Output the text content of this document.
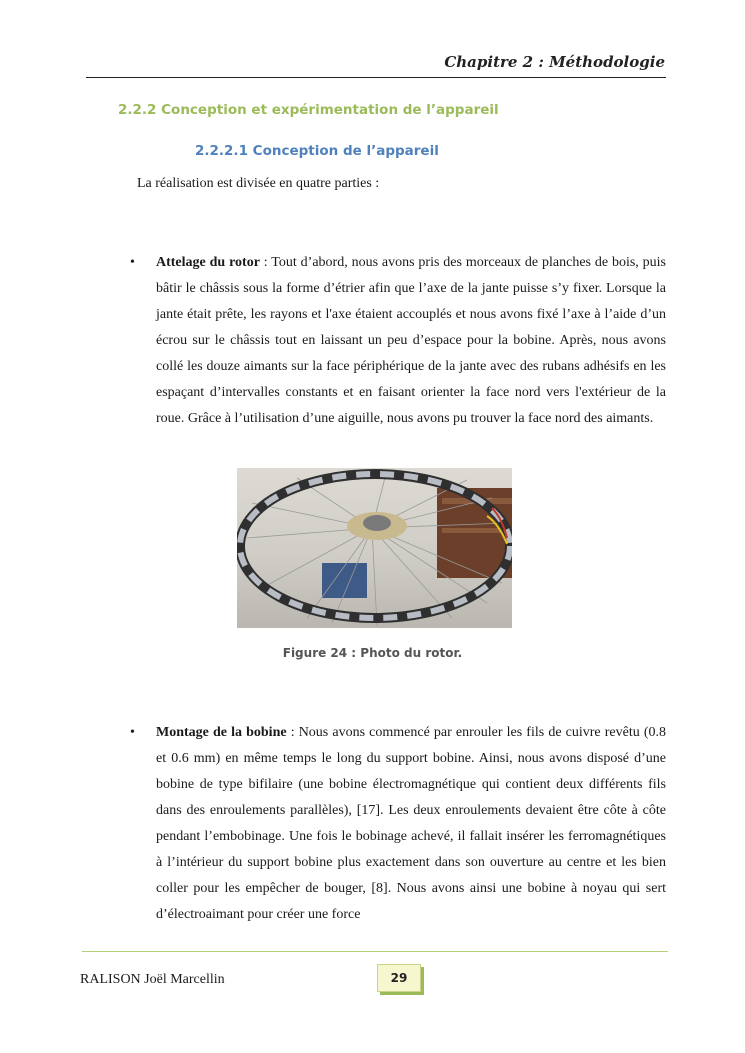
Chapitre 2 : Méthodologie
2.2.2 Conception et expérimentation de l’appareil
2.2.2.1 Conception de l’appareil
La réalisation est divisée en quatre parties :
• Attelage du rotor : Tout d’abord, nous avons pris des morceaux de planches de bois, puis bâtir le châssis sous la forme d’étrier afin que l’axe de la jante puisse s’y fixer. Lorsque la jante était prête, les rayons et l'axe étaient accouplés et nous avons fixé l’axe à l’aide d’un écrou sur le châssis tout en laissant un peu d’espace pour la bobine. Après, nous avons collé les douze aimants sur la face périphérique de la jante avec des rubans adhésifs en les espaçant d’intervalles constants et en faisant orienter la face nord vers l'extérieur de la roue. Grâce à l’utilisation d’une aiguille, nous avons pu trouver la face nord des aimants.
Figure 24 : Photo du rotor.
• Montage de la bobine : Nous avons commencé par enrouler les fils de cuivre revêtu (0.8 et 0.6 mm) en même temps le long du support bobine. Ainsi, nous avons disposé d’une bobine de type bifilaire (une bobine électromagnétique qui contient deux différents fils dans des enroulements parallèles), [17]. Les deux enroulements devaient être côte à côte pendant l’embobinage. Une fois le bobinage achevé, il fallait insérer les ferromagnétiques à l’intérieur du support bobine plus exactement dans son ouverture au centre et les bien coller pour les empêcher de bouger, [8]. Nous avons ainsi une bobine à noyau qui sert d’électroaimant pour créer une force
RALISON Joël Marcellin	29
